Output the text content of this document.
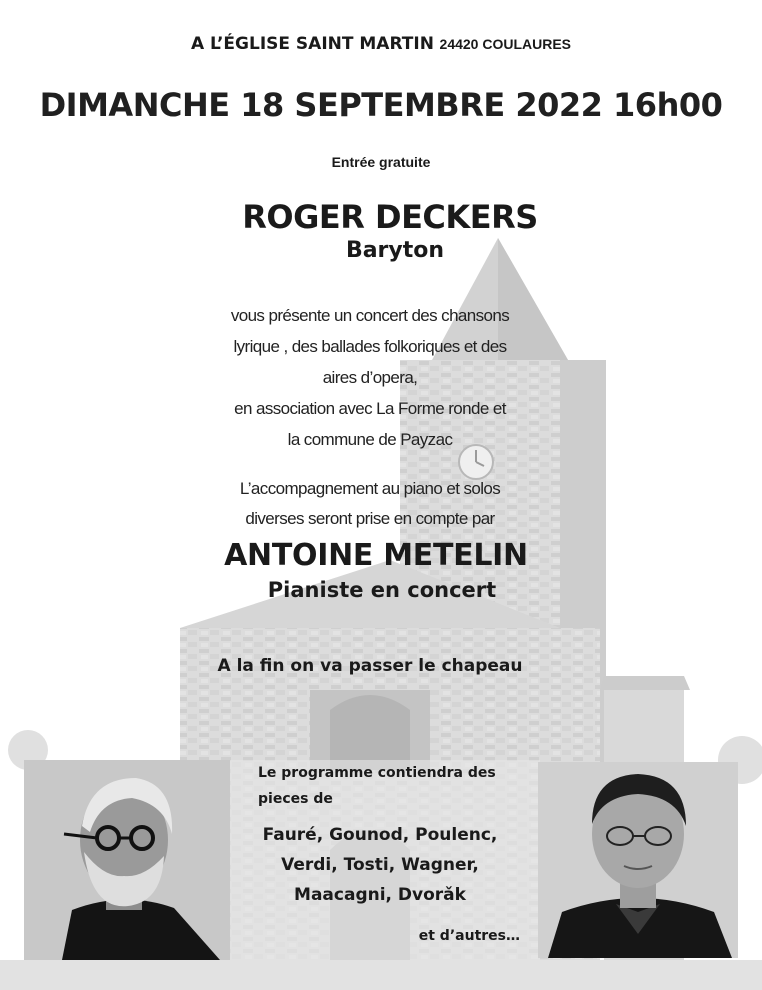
A L’ÉGLISE SAINT MARTIN 24420 COULAURES
DIMANCHE 18 SEPTEMBRE 2022 16h00
Entrée gratuite
ROGER DECKERS
Baryton
vous présente un concert des chansons
lyrique , des ballades folkoriques et des
aires d’opera,
en association avec La Forme ronde et
la commune de Payzac
L’accompagnement au piano et solos
diverses seront prise en compte par
ANTOINE METELIN
Pianiste en concert
A la fin on va passer le chapeau
Le programme contiendra des pieces de
Fauré, Gounod, Poulenc,
Verdi, Tosti, Wagner,
Maacagni, Dvorǎk
et d’autres…
